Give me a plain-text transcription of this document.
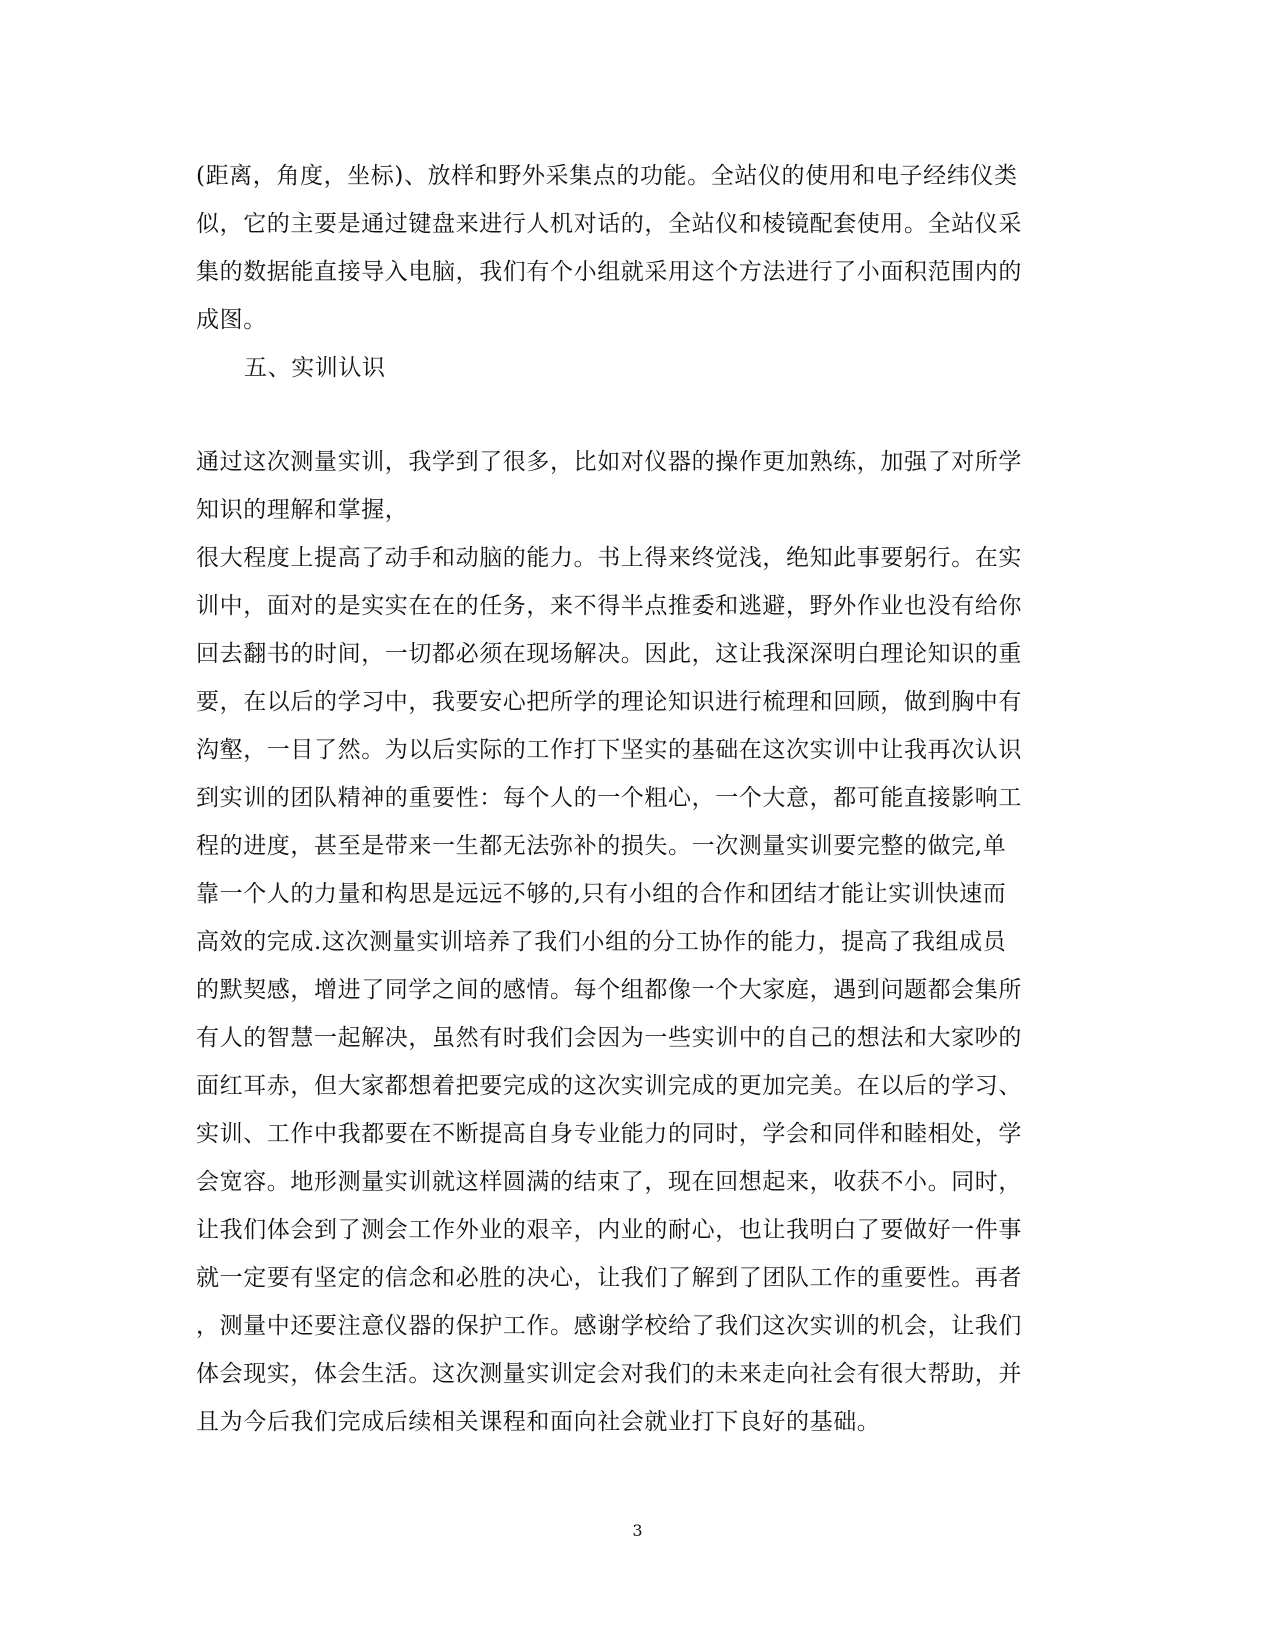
(距离，角度，坐标)、放样和野外采集点的功能。全站仪的使用和电子经纬仪类
似，它的主要是通过键盘来进行人机对话的，全站仪和棱镜配套使用。全站仪采
集的数据能直接导入电脑，我们有个小组就采用这个方法进行了小面积范围内的
成图。
五、实训认识
通过这次测量实训，我学到了很多，比如对仪器的操作更加熟练，加强了对所学
知识的理解和掌握，
很大程度上提高了动手和动脑的能力。书上得来终觉浅，绝知此事要躬行。在实
训中，面对的是实实在在的任务，来不得半点推委和逃避，野外作业也没有给你
回去翻书的时间，一切都必须在现场解决。因此，这让我深深明白理论知识的重
要，在以后的学习中，我要安心把所学的理论知识进行梳理和回顾，做到胸中有
沟壑，一目了然。为以后实际的工作打下坚实的基础在这次实训中让我再次认识
到实训的团队精神的重要性：每个人的一个粗心，一个大意，都可能直接影响工
程的进度，甚至是带来一生都无法弥补的损失。一次测量实训要完整的做完,单
靠一个人的力量和构思是远远不够的,只有小组的合作和团结才能让实训快速而
高效的完成.这次测量实训培养了我们小组的分工协作的能力，提高了我组成员
的默契感，增进了同学之间的感情。每个组都像一个大家庭，遇到问题都会集所
有人的智慧一起解决，虽然有时我们会因为一些实训中的自己的想法和大家吵的
面红耳赤，但大家都想着把要完成的这次实训完成的更加完美。在以后的学习、
实训、工作中我都要在不断提高自身专业能力的同时，学会和同伴和睦相处，学
会宽容。地形测量实训就这样圆满的结束了，现在回想起来，收获不小。同时，
让我们体会到了测会工作外业的艰辛，内业的耐心，也让我明白了要做好一件事
就一定要有坚定的信念和必胜的决心，让我们了解到了团队工作的重要性。再者
，测量中还要注意仪器的保护工作。感谢学校给了我们这次实训的机会，让我们
体会现实，体会生活。这次测量实训定会对我们的未来走向社会有很大帮助，并
且为今后我们完成后续相关课程和面向社会就业打下良好的基础。
3
